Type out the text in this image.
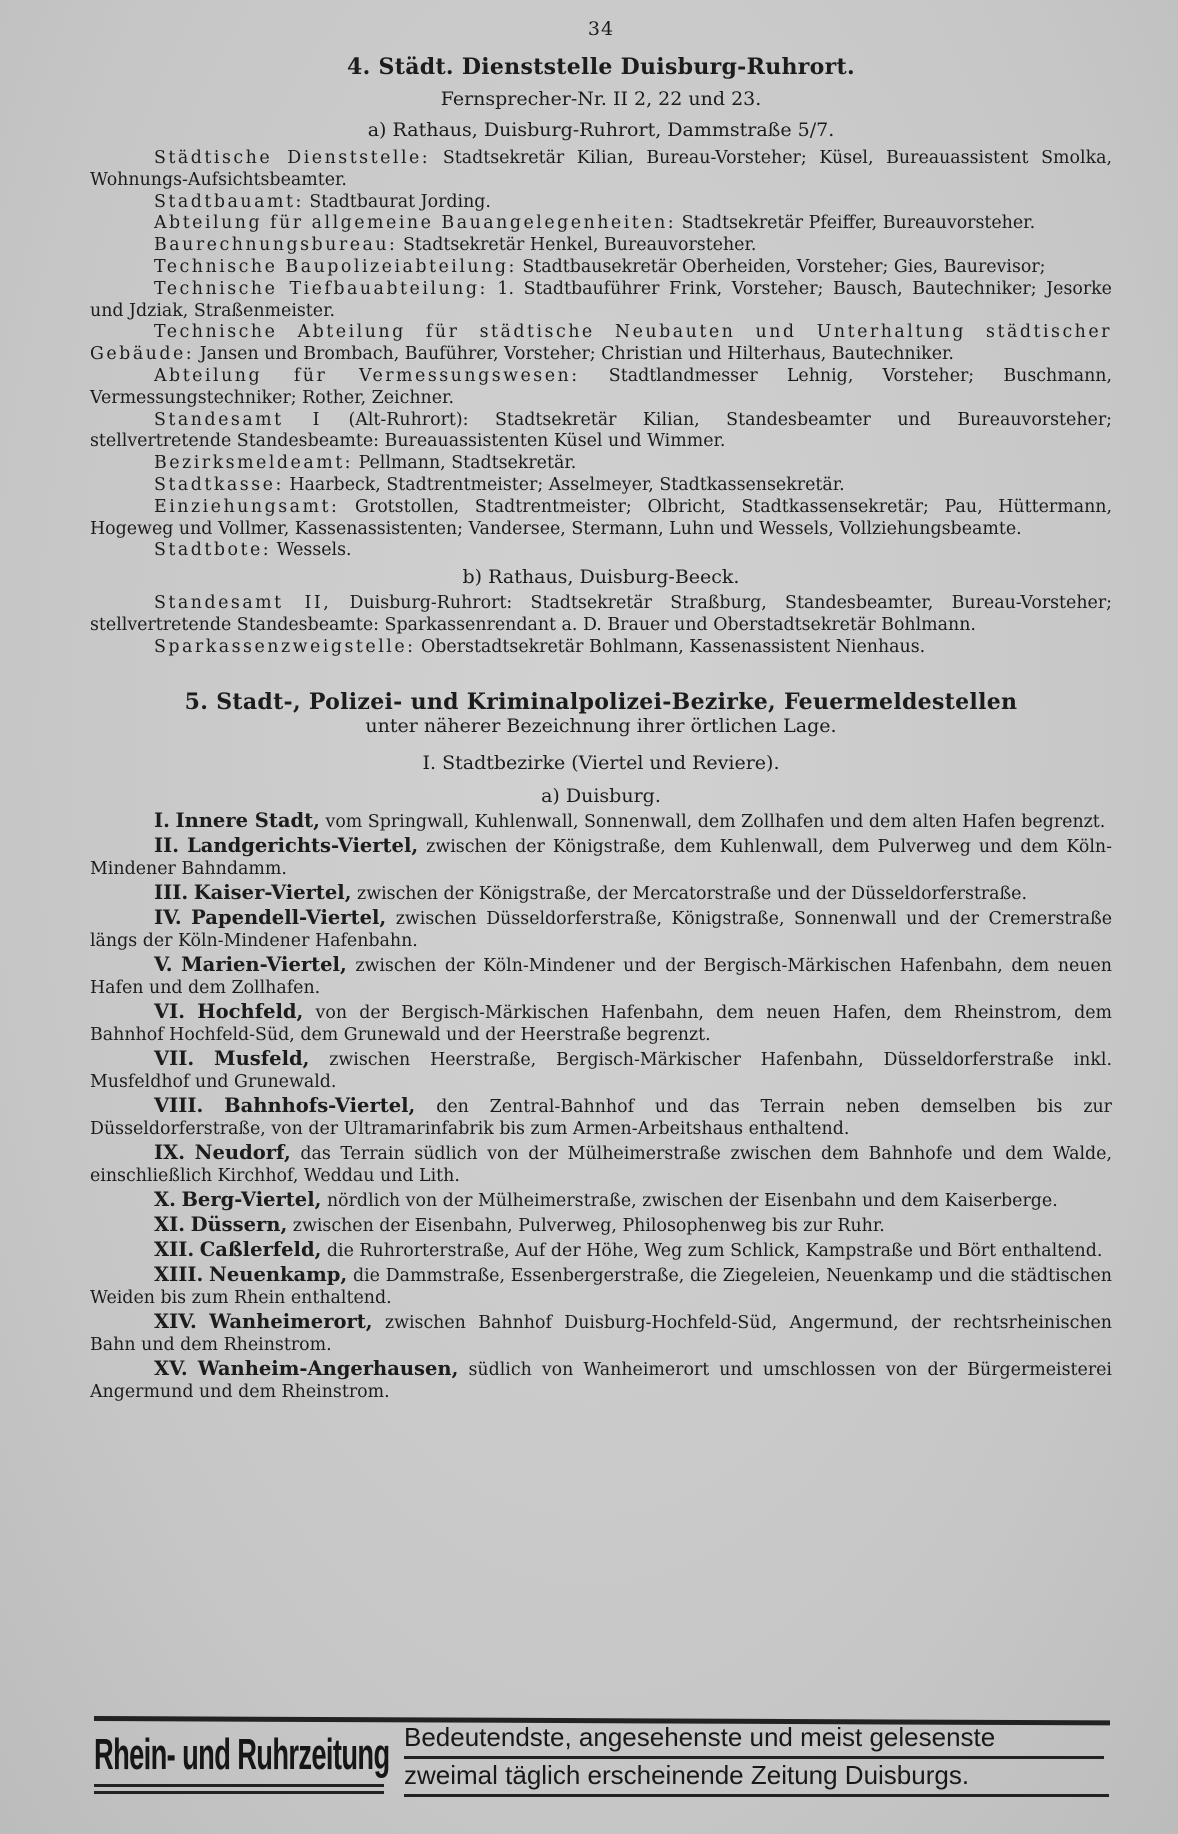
34
4. Städt. Dienststelle Duisburg-Ruhrort.
Fernsprecher-Nr. II 2, 22 und 23.
a) Rathaus, Duisburg-Ruhrort, Dammstraße 5/7.

Städtische Dienststelle: Stadtsekretär Kilian, Bureau-Vorsteher; Küsel, Bureauassistent Smolka, Wohnungs-Aufsichtsbeamter.

Stadtbauamt: Stadtbaurat Jording.

Abteilung für allgemeine Bauangelegenheiten: Stadtsekretär Pfeiffer, Bureauvorsteher.

Baurechnungsbureau: Stadtsekretär Henkel, Bureauvorsteher.

Technische Baupolizeiabteilung: Stadtbausekretär Oberheiden, Vorsteher; Gies, Baurevisor;

Technische Tiefbauabteilung: 1. Stadtbauführer Frink, Vorsteher; Bausch, Bautechniker; Jesorke und Jdziak, Straßenmeister.

Technische Abteilung für städtische Neubauten und Unterhaltung städtischer Gebäude: Jansen und Brombach, Bauführer, Vorsteher; Christian und Hilterhaus, Bautechniker.

Abteilung für Vermessungswesen: Stadtlandmesser Lehnig, Vorsteher; Buschmann, Vermessungstechniker; Rother, Zeichner.

Standesamt I (Alt-Ruhrort): Stadtsekretär Kilian, Standesbeamter und Bureauvorsteher; stellvertretende Standesbeamte: Bureauassistenten Küsel und Wimmer.

Bezirksmeldeamt: Pellmann, Stadtsekretär.

Stadtkasse: Haarbeck, Stadtrentmeister; Asselmeyer, Stadtkassensekretär.

Einziehungsamt: Grotstollen, Stadtrentmeister; Olbricht, Stadtkassensekretär; Pau, Hüttermann, Hogeweg und Vollmer, Kassenassistenten; Vandersee, Stermann, Luhn und Wessels, Vollziehungsbeamte.

Stadtbote: Wessels.

b) Rathaus, Duisburg-Beeck.

Standesamt II, Duisburg-Ruhrort: Stadtsekretär Straßburg, Standesbeamter, Bureau-Vorsteher; stellvertretende Standesbeamte: Sparkassenrendant a. D. Brauer und Oberstadtsekretär Bohlmann.

Sparkassenzweigstelle: Oberstadtsekretär Bohlmann, Kassenassistent Nienhaus.

5. Stadt-, Polizei- und Kriminalpolizei-Bezirke, Feuermeldestellen
unter näherer Bezeichnung ihrer örtlichen Lage.
I. Stadtbezirke (Viertel und Reviere).
a) Duisburg.

I. Innere Stadt, vom Springwall, Kuhlenwall, Sonnenwall, dem Zollhafen und dem alten Hafen begrenzt.

II. Landgerichts-Viertel, zwischen der Königstraße, dem Kuhlenwall, dem Pulverweg und dem Köln-Mindener Bahndamm.

III. Kaiser-Viertel, zwischen der Königstraße, der Mercatorstraße und der Düsseldorferstraße.

IV. Papendell-Viertel, zwischen Düsseldorferstraße, Königstraße, Sonnenwall und der Cremerstraße längs der Köln-Mindener Hafenbahn.

V. Marien-Viertel, zwischen der Köln-Mindener und der Bergisch-Märkischen Hafenbahn, dem neuen Hafen und dem Zollhafen.

VI. Hochfeld, von der Bergisch-Märkischen Hafenbahn, dem neuen Hafen, dem Rheinstrom, dem Bahnhof Hochfeld-Süd, dem Grunewald und der Heerstraße begrenzt.

VII. Musfeld, zwischen Heerstraße, Bergisch-Märkischer Hafenbahn, Düsseldorferstraße inkl. Musfeldhof und Grunewald.

VIII. Bahnhofs-Viertel, den Zentral-Bahnhof und das Terrain neben demselben bis zur Düsseldorferstraße, von der Ultramarinfabrik bis zum Armen-Arbeitshaus enthaltend.

IX. Neudorf, das Terrain südlich von der Mülheimerstraße zwischen dem Bahnhofe und dem Walde, einschließlich Kirchhof, Weddau und Lith.

X. Berg-Viertel, nördlich von der Mülheimerstraße, zwischen der Eisenbahn und dem Kaiserberge.

XI. Düssern, zwischen der Eisenbahn, Pulverweg, Philosophenweg bis zur Ruhr.

XII. Caßlerfeld, die Ruhrorterstraße, Auf der Höhe, Weg zum Schlick, Kampstraße und Bört enthaltend.

XIII. Neuenkamp, die Dammstraße, Essenbergerstraße, die Ziegeleien, Neuenkamp und die städtischen Weiden bis zum Rhein enthaltend.

XIV. Wanheimerort, zwischen Bahnhof Duisburg-Hochfeld-Süd, Angermund, der rechtsrheinischen Bahn und dem Rheinstrom.

XV. Wanheim-Angerhausen, südlich von Wanheimerort und umschlossen von der Bürgermeisterei Angermund und dem Rheinstrom.

Rhein- und Ruhrzeitung Bedeutendste, angesehenste und meist gelesenste
zweimal täglich erscheinende Zeitung Duisburgs.
